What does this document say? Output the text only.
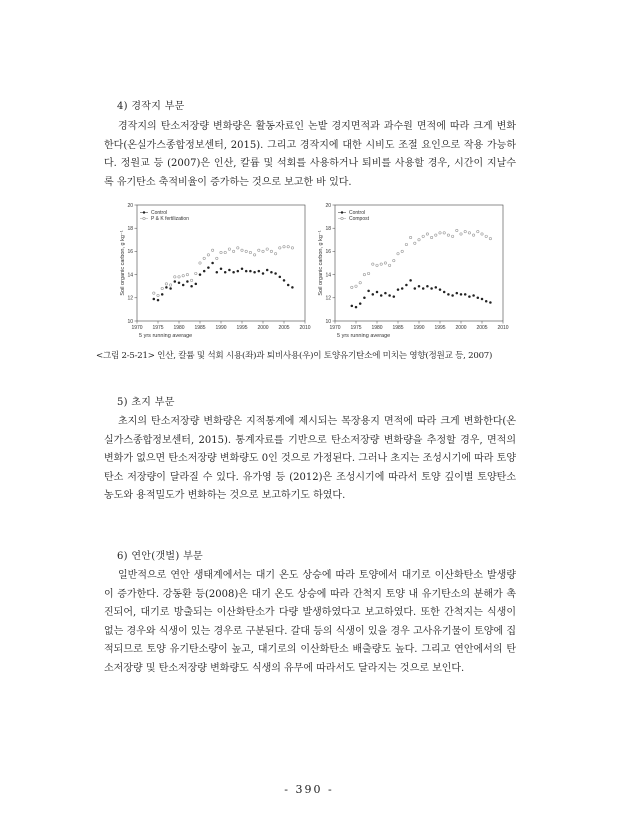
4) 경작지 부문

경작지의 탄소저장량 변화량은 활동자료인 논밭 경지면적과 과수원 면적에 따라 크게 변화한다(온실가스종합정보센터, 2015). 그리고 경작지에 대한 시비도 조절 요인으로 작용 가능하다. 정원교 등 (2007)은 인산, 칼륨 및 석회를 사용하거나 퇴비를 사용할 경우, 시간이 지날수록 유기탄소 축적비율이 증가하는 것으로 보고한 바 있다.

1970 1975 1980 1985 1990 1995 2000 2005 2010
10
12
14
16
18
20
5 yrs running average
Soil organic carbon, g kg⁻¹
Control
P & K fertilization
1970 1975 1980 1985 1990 1995 2000 2005 2010
10
12
14
16
18
20
5 yrs running average
Soil organic carbon, g kg⁻¹
Control
Compost
<그림 2-5-21> 인산, 칼륨 및 석회 시용(좌)과 퇴비사용(우)이 토양유기탄소에 미치는 영향(정원교 등, 2007)
5) 초지 부문

초지의 탄소저장량 변화량은 지적통계에 제시되는 목장용지 면적에 따라 크게 변화한다(온실가스종합정보센터, 2015). 통계자료를 기반으로 탄소저장량 변화량을 추정할 경우, 면적의 변화가 없으면 탄소저장량 변화량도 0인 것으로 가정된다. 그러나 초지는 조성시기에 따라 토양탄소 저장량이 달라질 수 있다. 유가영 등 (2012)은 조성시기에 따라서 토양 깊이별 토양탄소농도와 용적밀도가 변화하는 것으로 보고하기도 하였다.

6) 연안(갯벌) 부문

일반적으로 연안 생태계에서는 대기 온도 상승에 따라 토양에서 대기로 이산화탄소 발생량이 증가한다. 강동환 등(2008)은 대기 온도 상승에 따라 간척지 토양 내 유기탄소의 분해가 촉진되어, 대기로 방출되는 이산화탄소가 다량 발생하였다고 보고하였다. 또한 간척지는 식생이 없는 경우와 식생이 있는 경우로 구분된다. 갈대 등의 식생이 있을 경우 고사유기물이 토양에 집적되므로 토양 유기탄소량이 높고, 대기로의 이산화탄소 배출량도 높다. 그리고 연안에서의 탄소저장량 및 탄소저장량 변화량도 식생의 유무에 따라서도 달라지는 것으로 보인다.

- 390 -
